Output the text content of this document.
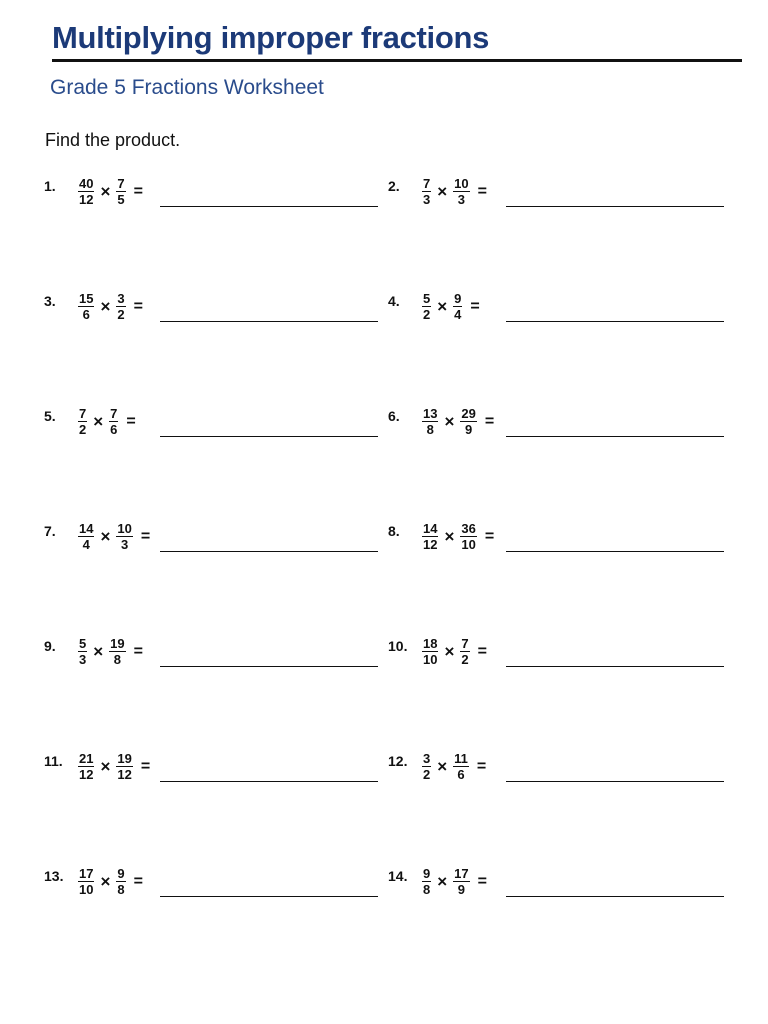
Multiplying improper fractions
Grade 5 Fractions Worksheet
Find the product.
1. $\frac{40}{12} \times \frac{7}{5}$ =	2. $\frac{7}{3} \times \frac{10}{3}$ =
3. $\frac{15}{6} \times \frac{3}{2}$ =	4. $\frac{5}{2} \times \frac{9}{4}$ =
5. $\frac{7}{2} \times \frac{7}{6}$ =	6. $\frac{13}{8} \times \frac{29}{9}$ =
7. $\frac{14}{4} \times \frac{10}{3}$ =	8. $\frac{14}{12} \times \frac{36}{10}$ =
9. $\frac{5}{3} \times \frac{19}{8}$ =	10. $\frac{18}{10} \times \frac{7}{2}$ =
11. $\frac{21}{12} \times \frac{19}{12}$ =	12. $\frac{3}{2} \times \frac{11}{6}$ =
13. $\frac{17}{10} \times \frac{9}{8}$ =	14. $\frac{9}{8} \times \frac{17}{9}$ =
